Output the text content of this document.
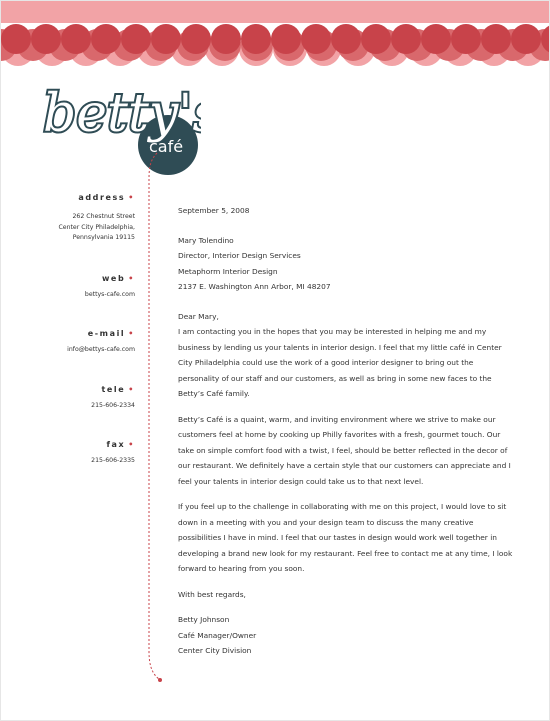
betty'
café
address •
262 Chestnut Street
Center City Philadelphia,
Pennsylvania 19115
web •
bettys-cafe.com
e-mail •
info@bettys-cafe.com
tele •
215-606-2334
fax •
215-606-2335

September 5, 2008

Mary Tolendino

Director, Interior Design Services

Metaphorm Interior Design

2137 E. Washington Ann Arbor, MI 48207

Dear Mary,

I am contacting you in the hopes that you may be interested in helping me and my business by lending us your talents in interior design. I feel that my little café in Center City Philadelphia could use the work of a good interior designer to bring out the personality of our staff and our customers, as well as bring in some new faces to the Betty’s Café family.

Betty’s Café is a quaint, warm, and inviting environment where we strive to make our customers feel at home by cooking up Philly favorites with a fresh, gourmet touch. Our take on simple comfort food with a twist, I feel, should be better reflected in the decor of our restaurant. We definitely have a certain style that our customers can appreciate and I feel your talents in interior design could take us to that next level.

If you feel up to the challenge in collaborating with me on this project, I would love to sit down in a meeting with you and your design team to discuss the many creative possibilities I have in mind. I feel that our tastes in design would work well together in developing a brand new look for my restaurant. Feel free to contact me at any time, I look forward to hearing from you soon.

With best regards,

Betty Johnson

Café Manager/Owner

Center City Division
